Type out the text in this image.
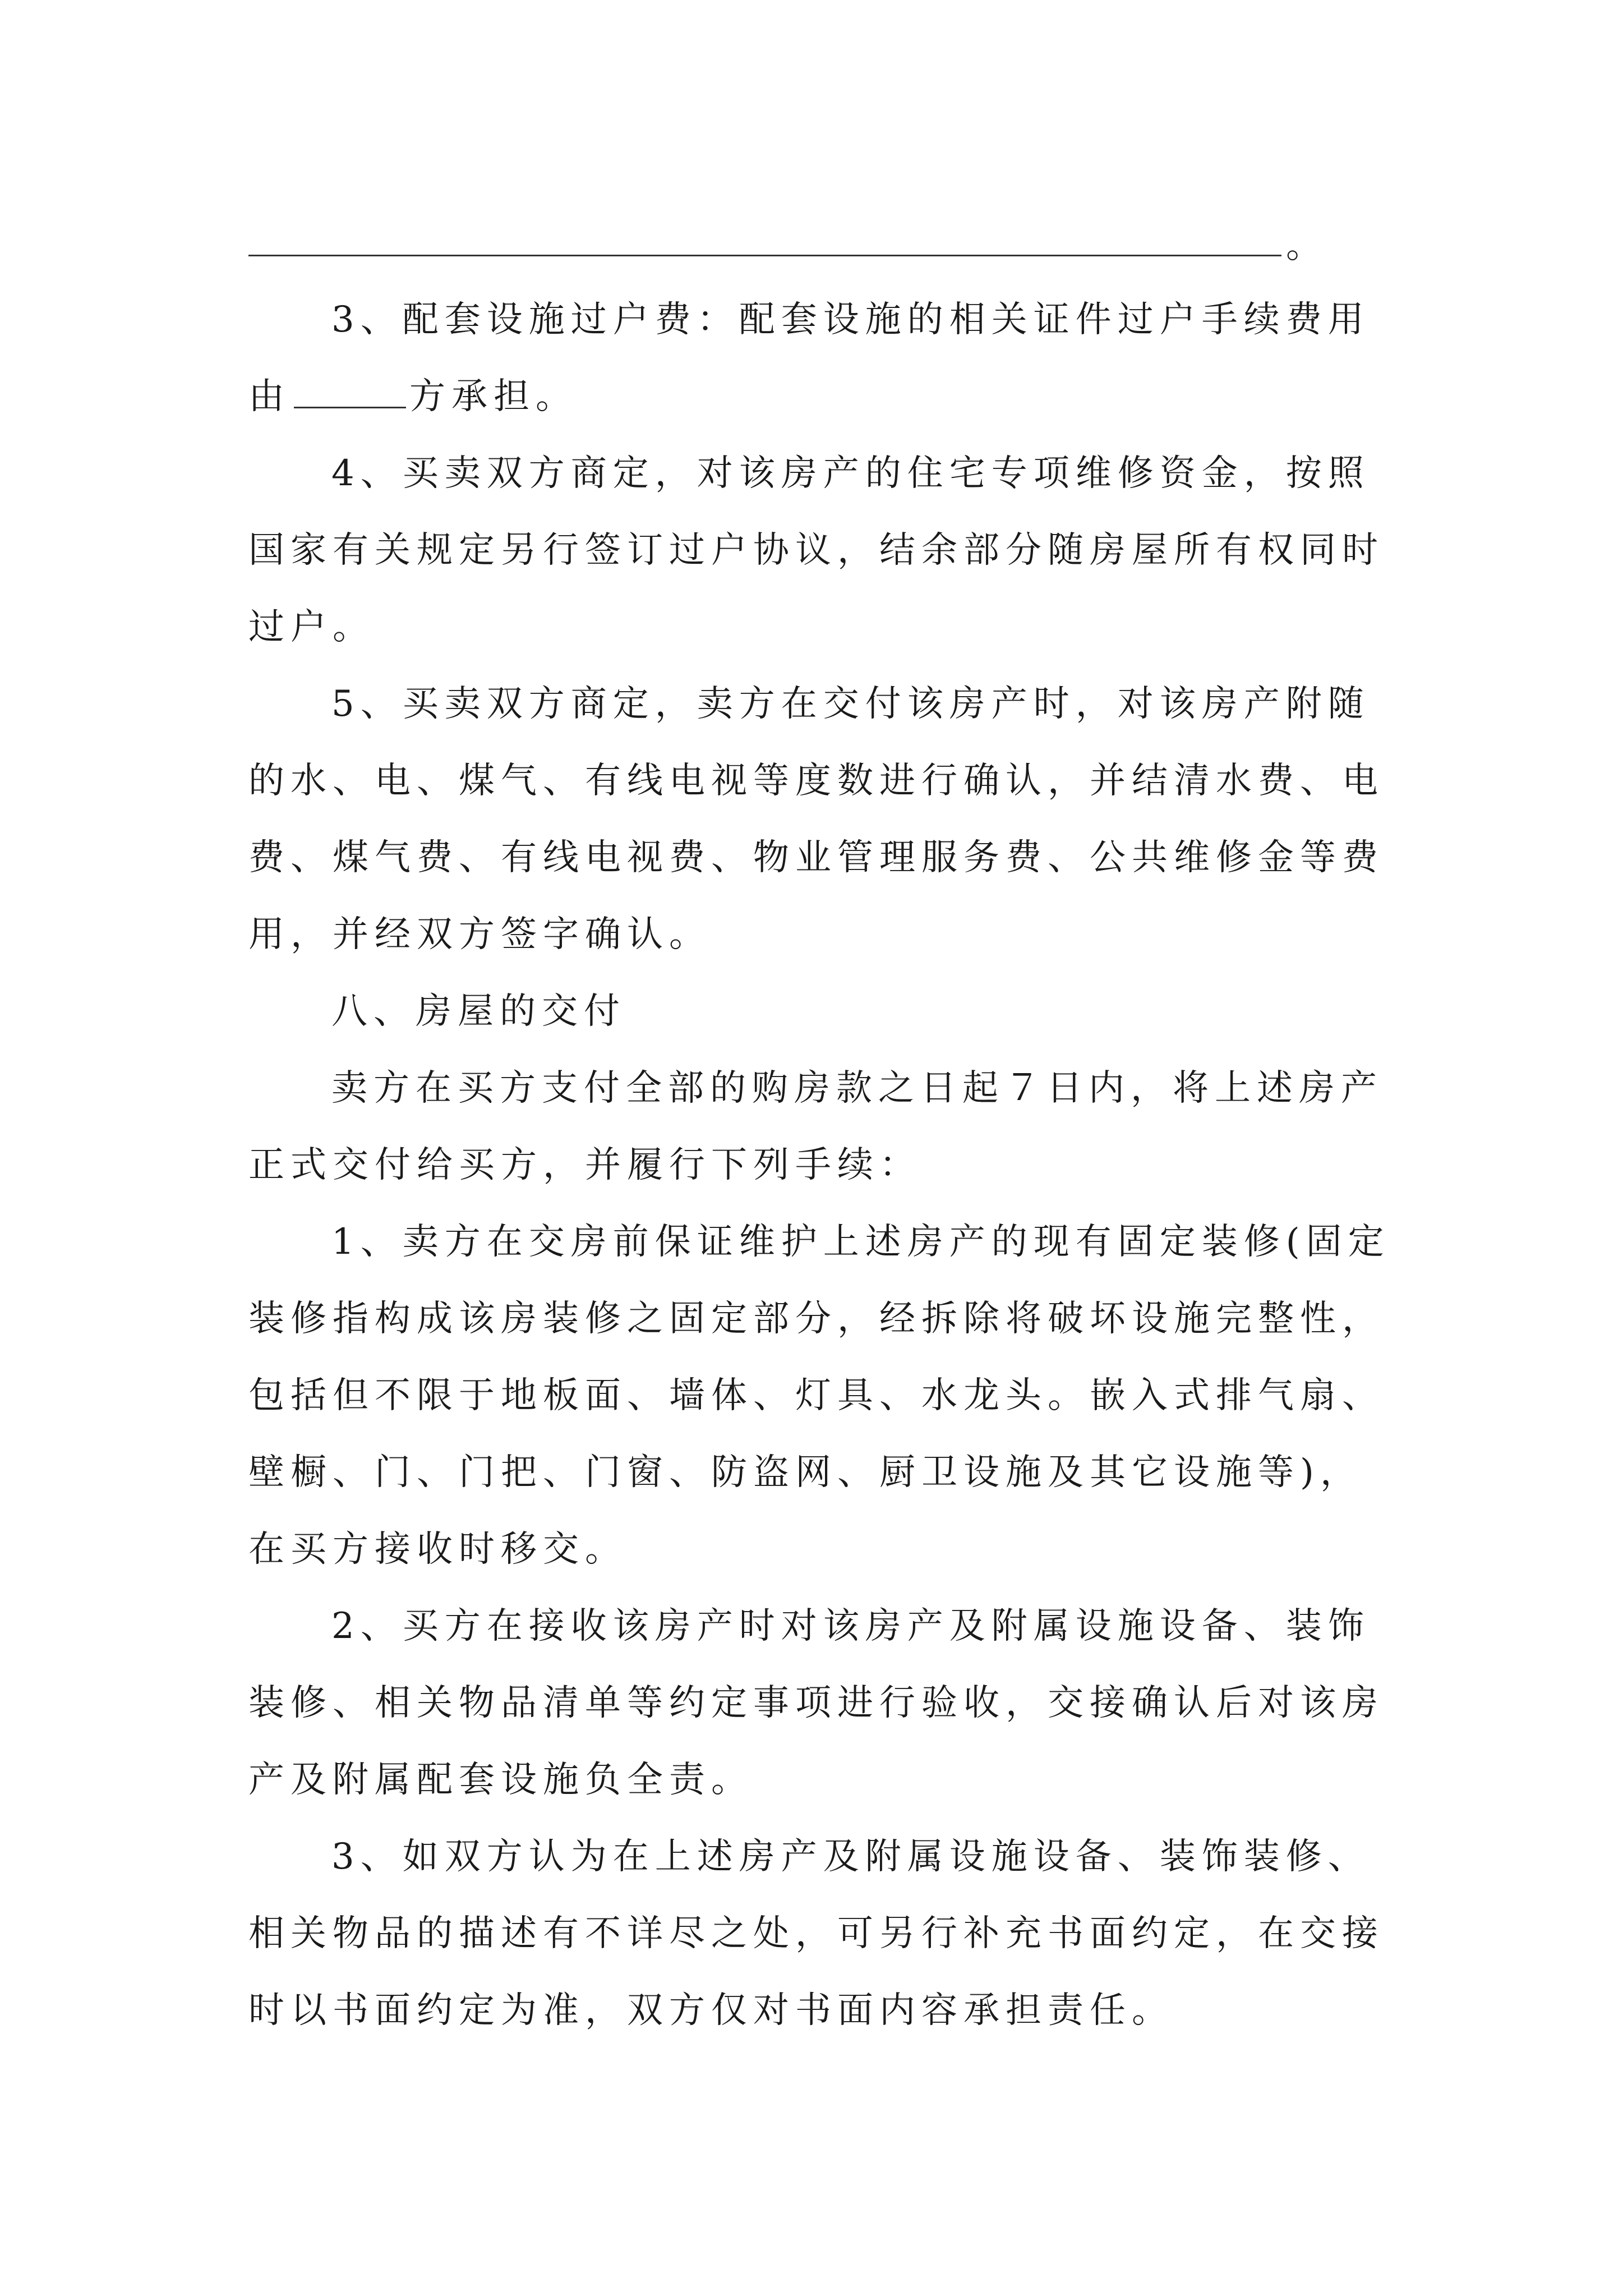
。

3、配套设施过户费：配套设施的相关证件过户手续费用由	方承担。

4、买卖双方商定，对该房产的住宅专项维修资金，按照国家有关规定另行签订过户协议，结余部分随房屋所有权同时过户。

5、买卖双方商定，卖方在交付该房产时，对该房产附随的水、电、煤气、有线电视等度数进行确认，并结清水费、电费、煤气费、有线电视费、物业管理服务费、公共维修金等费用，并经双方签字确认。

八、房屋的交付

卖方在买方支付全部的购房款之日起７日内，将上述房产正式交付给买方，并履行下列手续：

1、卖方在交房前保证维护上述房产的现有固定装修(固定装修指构成该房装修之固定部分，经拆除将破坏设施完整性，包括但不限于地板面、墙体、灯具、水龙头。嵌入式排气扇、壁橱、门、门把、门窗、防盗网、厨卫设施及其它设施等)，在买方接收时移交。

2、买方在接收该房产时对该房产及附属设施设备、装饰装修、相关物品清单等约定事项进行验收，交接确认后对该房产及附属配套设施负全责。

3、如双方认为在上述房产及附属设施设备、装饰装修、相关物品的描述有不详尽之处，可另行补充书面约定，在交接时以书面约定为准，双方仅对书面内容承担责任。
